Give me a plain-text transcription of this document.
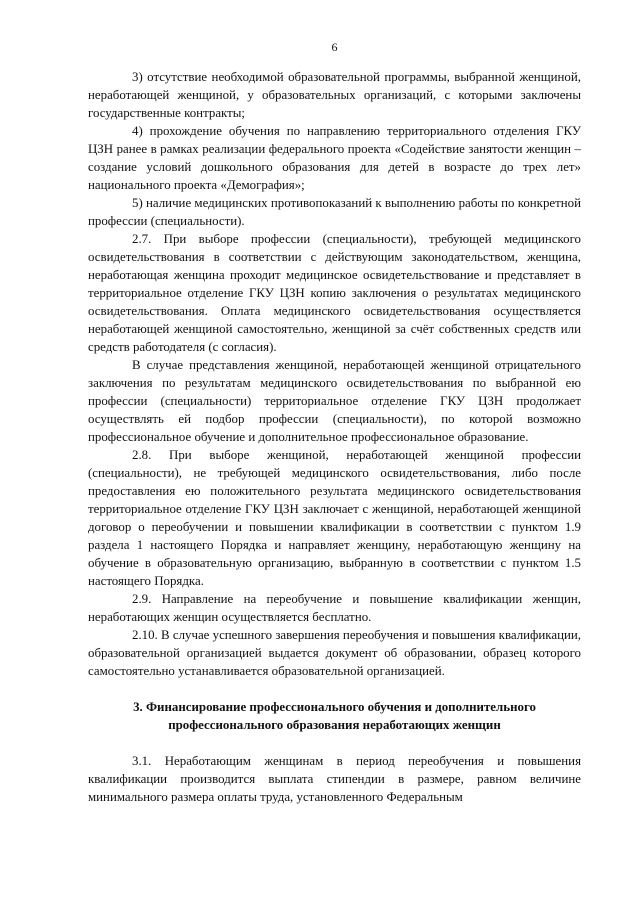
6

3) отсутствие необходимой образовательной программы, выбранной женщиной, неработающей женщиной, у образовательных организаций, с которыми заключены государственные контракты;

4) прохождение обучения по направлению территориального отделения ГКУ ЦЗН ранее в рамках реализации федерального проекта «Содействие занятости женщин – создание условий дошкольного образования для детей в возрасте до трех лет» национального проекта «Демография»;

5) наличие медицинских противопоказаний к выполнению работы по конкретной профессии (специальности).

2.7. При выборе профессии (специальности), требующей медицинского освидетельствования в соответствии с действующим законодательством, женщина, неработающая женщина проходит медицинское освидетельствование и представляет в территориальное отделение ГКУ ЦЗН копию заключения о результатах медицинского освидетельствования. Оплата медицинского освидетельствования осуществляется неработающей женщиной самостоятельно, женщиной за счёт собственных средств или средств работодателя (с согласия).

В случае представления женщиной, неработающей женщиной отрицательного заключения по результатам медицинского освидетельствования по выбранной ею профессии (специальности) территориальное отделение ГКУ ЦЗН продолжает осуществлять ей подбор профессии (специальности), по которой возможно профессиональное обучение и дополнительное профессиональное образование.

2.8. При выборе женщиной, неработающей женщиной профессии (специальности), не требующей медицинского освидетельствования, либо после предоставления ею положительного результата медицинского освидетельствования территориальное отделение ГКУ ЦЗН заключает с женщиной, неработающей женщиной договор о переобучении и повышении квалификации в соответствии с пунктом 1.9 раздела 1 настоящего Порядка и направляет женщину, неработающую женщину на обучение в образовательную организацию, выбранную в соответствии с пунктом 1.5 настоящего Порядка.

2.9. Направление на переобучение и повышение квалификации женщин, неработающих женщин осуществляется бесплатно.

2.10. В случае успешного завершения переобучения и повышения квалификации, образовательной организацией выдается документ об образовании, образец которого самостоятельно устанавливается образовательной организацией.

3. Финансирование профессионального обучения и дополнительного
профессионального образования неработающих женщин

3.1. Неработающим женщинам в период переобучения и повышения квалификации производится выплата стипендии в размере, равном величине минимального размера оплаты труда, установленного Федеральным
